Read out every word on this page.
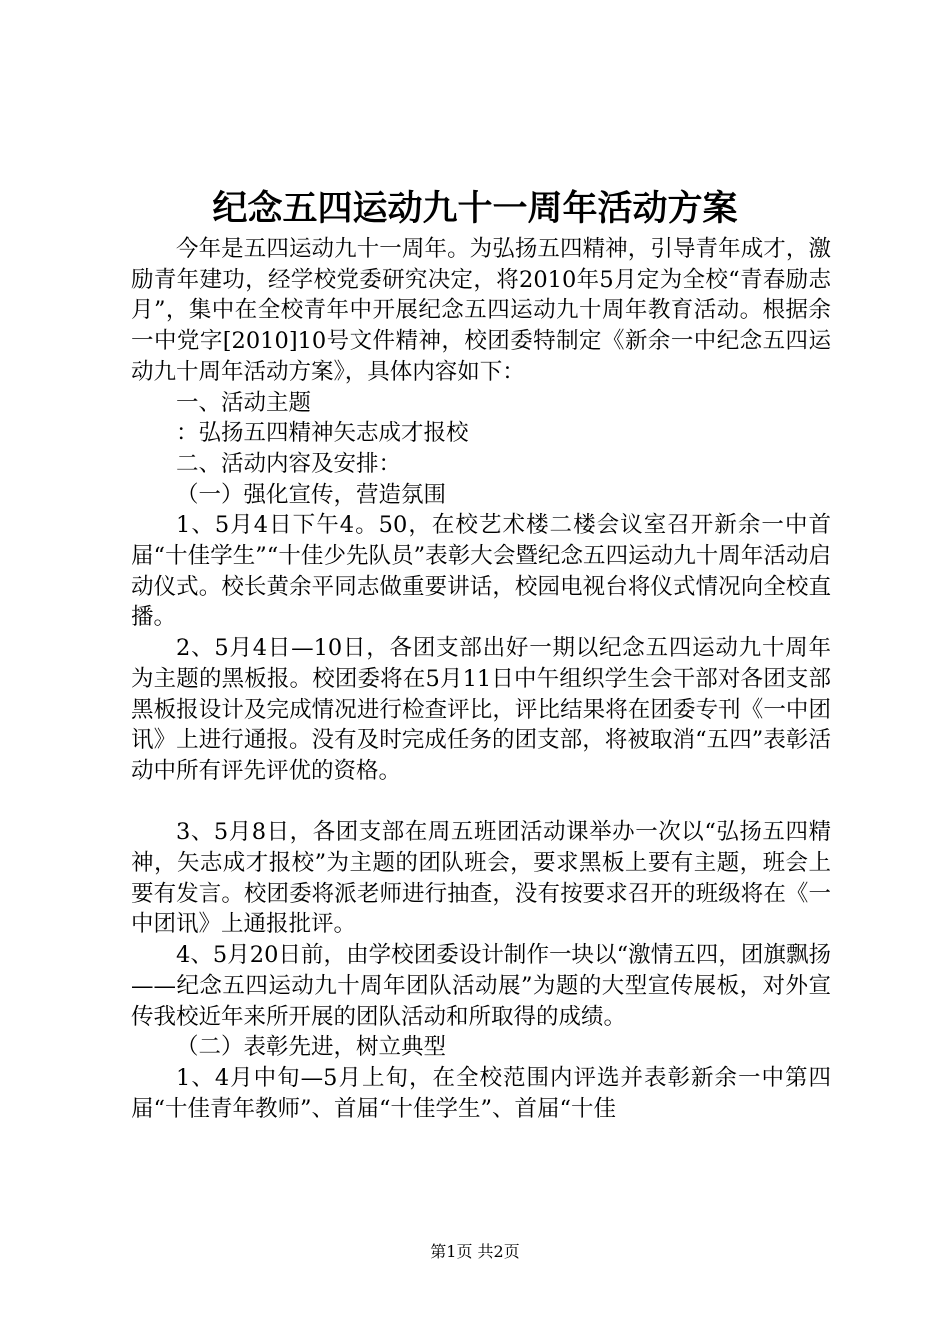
纪念五四运动九十一周年活动方案

今年是五四运动九十一周年。为弘扬五四精神，引导青年成才，激励青年建功，经学校党委研究决定，将2010年5月定为全校“青春励志月”，集中在全校青年中开展纪念五四运动九十周年教育活动。根据余一中党字[2010]10号文件精神，校团委特制定《新余一中纪念五四运动九十周年活动方案》，具体内容如下：

一、活动主题

：弘扬五四精神矢志成才报校

二、活动内容及安排：

（一）强化宣传，营造氛围

1、5月4日下午4。50，在校艺术楼二楼会议室召开新余一中首届“十佳学生”“十佳少先队员”表彰大会暨纪念五四运动九十周年活动启动仪式。校长黄余平同志做重要讲话，校园电视台将仪式情况向全校直播。

2、5月4日—10日，各团支部出好一期以纪念五四运动九十周年为主题的黑板报。校团委将在5月11日中午组织学生会干部对各团支部黑板报设计及完成情况进行检查评比，评比结果将在团委专刊《一中团讯》上进行通报。没有及时完成任务的团支部，将被取消“五四”表彰活动中所有评先评优的资格。

3、5月8日，各团支部在周五班团活动课举办一次以“弘扬五四精神，矢志成才报校”为主题的团队班会，要求黑板上要有主题，班会上要有发言。校团委将派老师进行抽查，没有按要求召开的班级将在《一中团讯》上通报批评。

4、5月20日前，由学校团委设计制作一块以“激情五四，团旗飘扬——纪念五四运动九十周年团队活动展”为题的大型宣传展板，对外宣传我校近年来所开展的团队活动和所取得的成绩。

（二）表彰先进，树立典型

1、4月中旬—5月上旬，在全校范围内评选并表彰新余一中第四届“十佳青年教师”、首届“十佳学生”、首届“十佳

第1页 共2页
